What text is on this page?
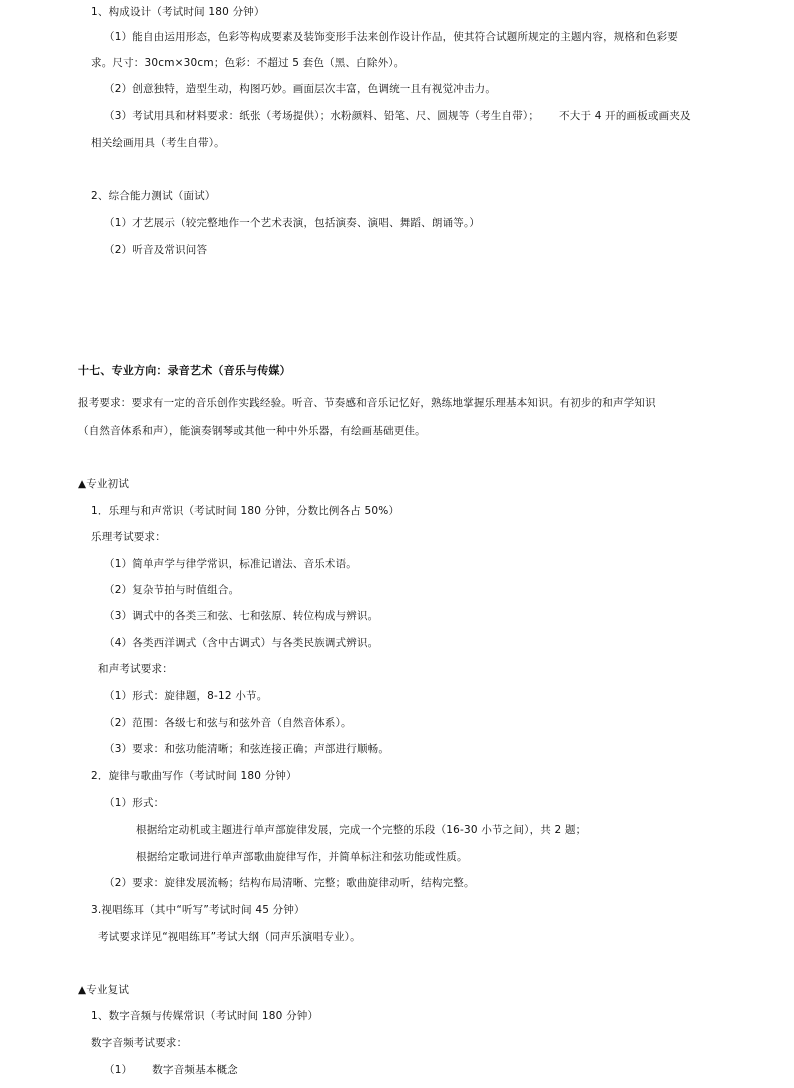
1、构成设计（考试时间 180 分钟）
（1）能自由运用形态，色彩等构成要素及装饰变形手法来创作设计作品，使其符合试题所规定的主题内容，规格和色彩要
求。尺寸：30cm×30cm；色彩：不超过 5 套色（黑、白除外）。
（2）创意独特，造型生动，构图巧妙。画面层次丰富，色调统一且有视觉冲击力。
（3）考试用具和材料要求：纸张（考场提供）；水粉颜料、铅笔、尺、圆规等（考生自带）； 不大于 4 开的画板或画夹及
相关绘画用具（考生自带）。
2、综合能力测试（面试）
（1）才艺展示（较完整地作一个艺术表演，包括演奏、演唱、舞蹈、朗诵等。）
（2）听音及常识问答
十七、专业方向：录音艺术（音乐与传媒）
报考要求：要求有一定的音乐创作实践经验。听音、节奏感和音乐记忆好，熟练地掌握乐理基本知识。有初步的和声学知识
（自然音体系和声），能演奏钢琴或其他一种中外乐器，有绘画基础更佳。
▲专业初试
1．乐理与和声常识（考试时间 180 分钟，分数比例各占 50%）
乐理考试要求：
（1）简单声学与律学常识，标准记谱法、音乐术语。
（2）复杂节拍与时值组合。
（3）调式中的各类三和弦、七和弦原、转位构成与辨识。
（4）各类西洋调式（含中古调式）与各类民族调式辨识。
和声考试要求：
（1）形式：旋律题，8-12 小节。
（2）范围：各级七和弦与和弦外音（自然音体系）。
（3）要求：和弦功能清晰；和弦连接正确；声部进行顺畅。
2．旋律与歌曲写作（考试时间 180 分钟）
（1）形式：
根据给定动机或主题进行单声部旋律发展，完成一个完整的乐段（16-30 小节之间），共 2 题；
根据给定歌词进行单声部歌曲旋律写作，并简单标注和弦功能或性质。
（2）要求：旋律发展流畅；结构布局清晰、完整；歌曲旋律动听，结构完整。
3.视唱练耳（其中“听写”考试时间 45 分钟）
考试要求详见“视唱练耳”考试大纲（同声乐演唱专业）。
▲专业复试
1、数字音频与传媒常识（考试时间 180 分钟）
数字音频考试要求：
（1） 数字音频基本概念
